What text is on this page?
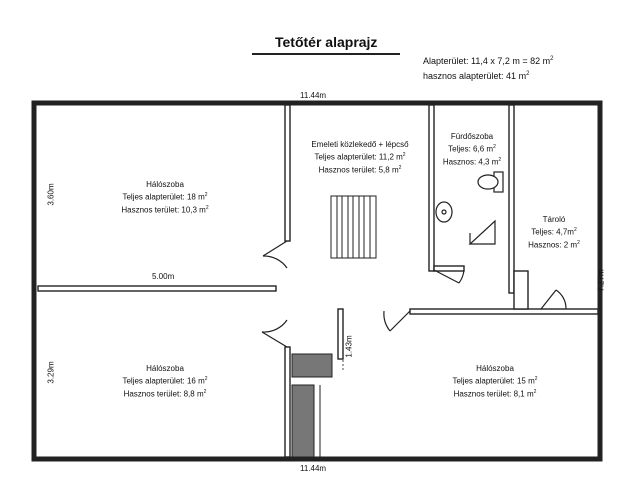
Tetőtér alaprajz
Alapterület: 11,4 x 7,2 m = 82 $m^2$
hasznos alapterület: 41 $m^2$
Hálószoba
Teljes alapterület: 18 $m^2$
Hasznos terület: 10,3 $m^2$
Emeleti közlekedő + lépcső
Teljes alapterület: 11,2 $m^2$
Hasznos terület: 5,8 $m^2$
Fürdőszoba
Teljes: 6,6 $m^2$
Hasznos: 4,3 $m^2$
Tároló
Teljes: $4,7m^2$
Hasznos: 2 $m^2$
Hálószoba
Teljes alapterület: 16 $m^2$
Hasznos terület: 8,8 $m^2$
Hálószoba
Teljes alapterület: 15 $m^2$
Hasznos terület: 8,1 $m^2$
11.44m
11.44m
5.00m
3.60m
3.29m
7.27m
1.43m
